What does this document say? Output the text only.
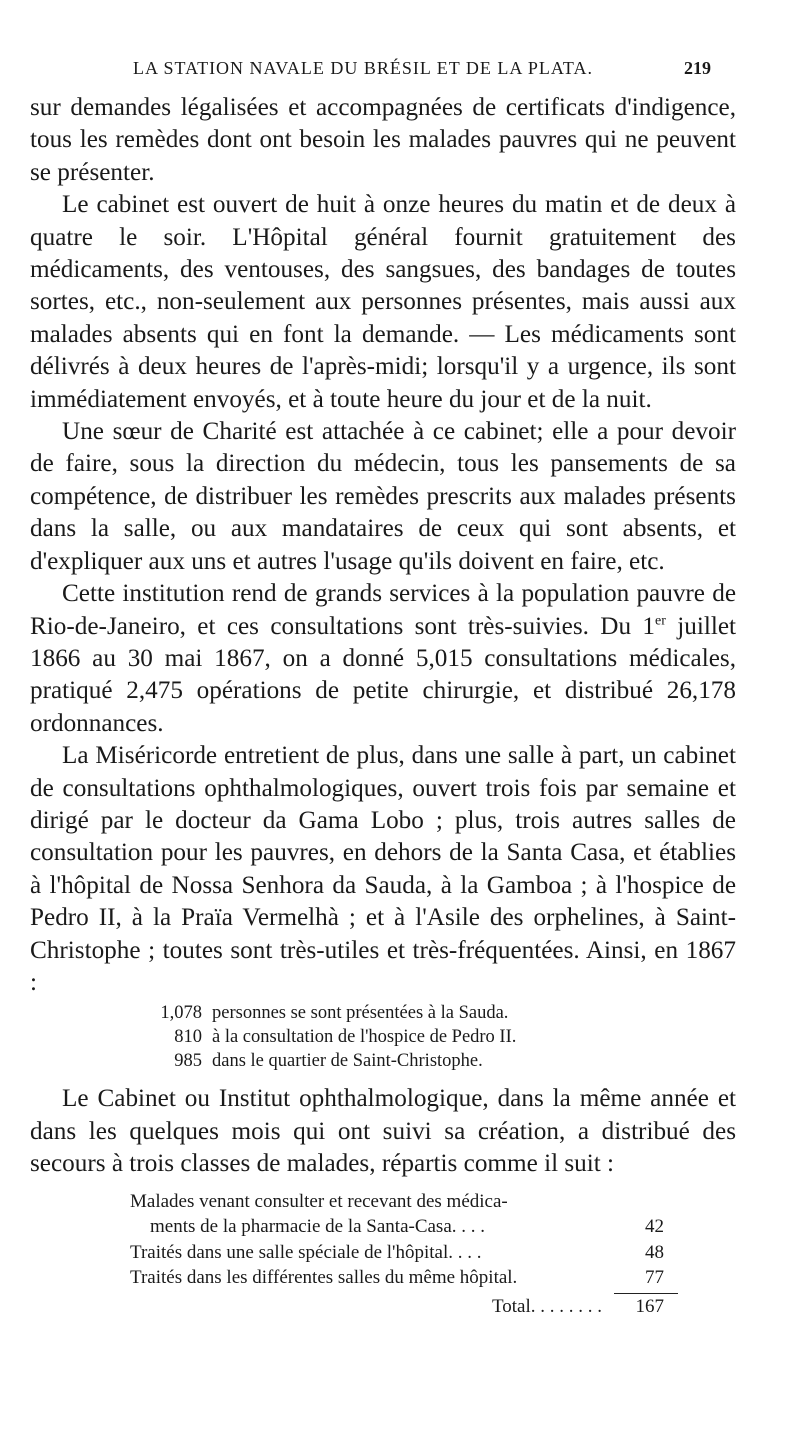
LA STATION NAVALE DU BRÉSIL ET DE LA PLATA.	219

sur demandes légalisées et accompagnées de certificats d'indigence, tous les remèdes dont ont besoin les malades pauvres qui ne peuvent se présenter.

Le cabinet est ouvert de huit à onze heures du matin et de deux à quatre le soir. L'Hôpital général fournit gratuitement des médicaments, des ventouses, des sangsues, des bandages de toutes sortes, etc., non-seulement aux personnes présentes, mais aussi aux malades absents qui en font la demande. — Les médicaments sont délivrés à deux heures de l'après-midi; lorsqu'il y a urgence, ils sont immédiatement envoyés, et à toute heure du jour et de la nuit.

Une sœur de Charité est attachée à ce cabinet; elle a pour devoir de faire, sous la direction du médecin, tous les pansements de sa compétence, de distribuer les remèdes prescrits aux malades présents dans la salle, ou aux mandataires de ceux qui sont absents, et d'expliquer aux uns et autres l'usage qu'ils doivent en faire, etc.

Cette institution rend de grands services à la population pauvre de Rio-de-Janeiro, et ces consultations sont très-suivies. Du 1er juillet 1866 au 30 mai 1867, on a donné 5,015 consultations médicales, pratiqué 2,475 opérations de petite chirurgie, et distribué 26,178 ordonnances.

La Miséricorde entretient de plus, dans une salle à part, un cabinet de consultations ophthalmologiques, ouvert trois fois par semaine et dirigé par le docteur da Gama Lobo ; plus, trois autres salles de consultation pour les pauvres, en dehors de la Santa Casa, et établies à l'hôpital de Nossa Senhora da Sauda, à la Gamboa ; à l'hospice de Pedro II, à la Praïa Vermelhà ; et à l'Asile des orphelines, à Saint-Christophe ; toutes sont très-utiles et très-fréquentées. Ainsi, en 1867 :

1,078 personnes se sont présentées à la Sauda.
810 à la consultation de l'hospice de Pedro II.
985 dans le quartier de Saint-Christophe.

Le Cabinet ou Institut ophthalmologique, dans la même année et dans les quelques mois qui ont suivi sa création, a distribué des secours à trois classes de malades, répartis comme il suit :

Malades venant consulter et recevant des médica-
ments de la pharmacie de la Santa-Casa. . . .	42
Traités dans une salle spéciale de l'hôpital. . . .	48
Traités dans les différentes salles du même hôpital.	77
Total. . . . . . . .	167
